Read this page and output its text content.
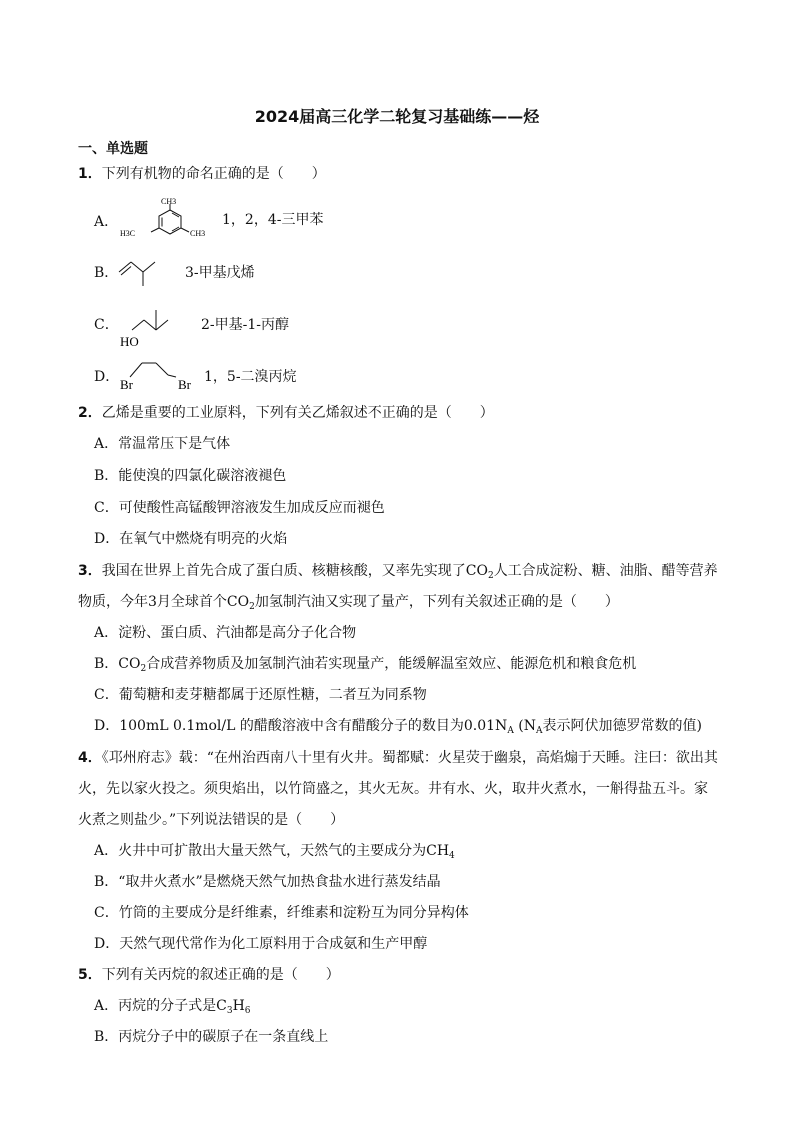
2024届高三化学二轮复习基础练——烃
一、单选题
1．下列有机物的命名正确的是（　　）
A．
CH3
H3C	CH3
1，2，4-三甲苯
B．	3-甲基戊烯
C．
HO
2-甲基-1-丙醇
D． Br	Br 1，5-二溴丙烷
2．乙烯是重要的工业原料，下列有关乙烯叙述不正确的是（　　）
A．常温常压下是气体
B．能使溴的四氯化碳溶液褪色
C．可使酸性高锰酸钾溶液发生加成反应而褪色
D．在氧气中燃烧有明亮的火焰
3．我国在世界上首先合成了蛋白质、核糖核酸，又率先实现了$CO_2$人工合成淀粉、糖、油脂、醋等营养
物质，今年3月全球首个$CO_2$加氢制汽油又实现了量产，下列有关叙述正确的是（　　）
A．淀粉、蛋白质、汽油都是高分子化合物
B．$CO_2$合成营养物质及加氢制汽油若实现量产，能缓解温室效应、能源危机和粮食危机
C．葡萄糖和麦芽糖都属于还原性糖，二者互为同系物
D．100mL 0.1mol/L 的醋酸溶液中含有醋酸分子的数目为$0.01N_A$ ($N_A$表示阿伏加德罗常数的值)
4．《邛州府志》载：“在州治西南八十里有火井。蜀都赋：火星荧于幽泉，高焰煽于天睡。注曰：欲出其
火，先以家火投之。须臾焰出，以竹筒盛之，其火无灰。井有水、火，取井火煮水，一斛得盐五斗。家
火煮之则盐少。”下列说法错误的是（　　）
A．火井中可扩散出大量天然气，天然气的主要成分为$CH_4$
B．“取井火煮水”是燃烧天然气加热食盐水进行蒸发结晶
C．竹筒的主要成分是纤维素，纤维素和淀粉互为同分异构体
D．天然气现代常作为化工原料用于合成氨和生产甲醇
5．下列有关丙烷的叙述正确的是（　　）
A．丙烷的分子式是$C_3H_6$
B．丙烷分子中的碳原子在一条直线上
